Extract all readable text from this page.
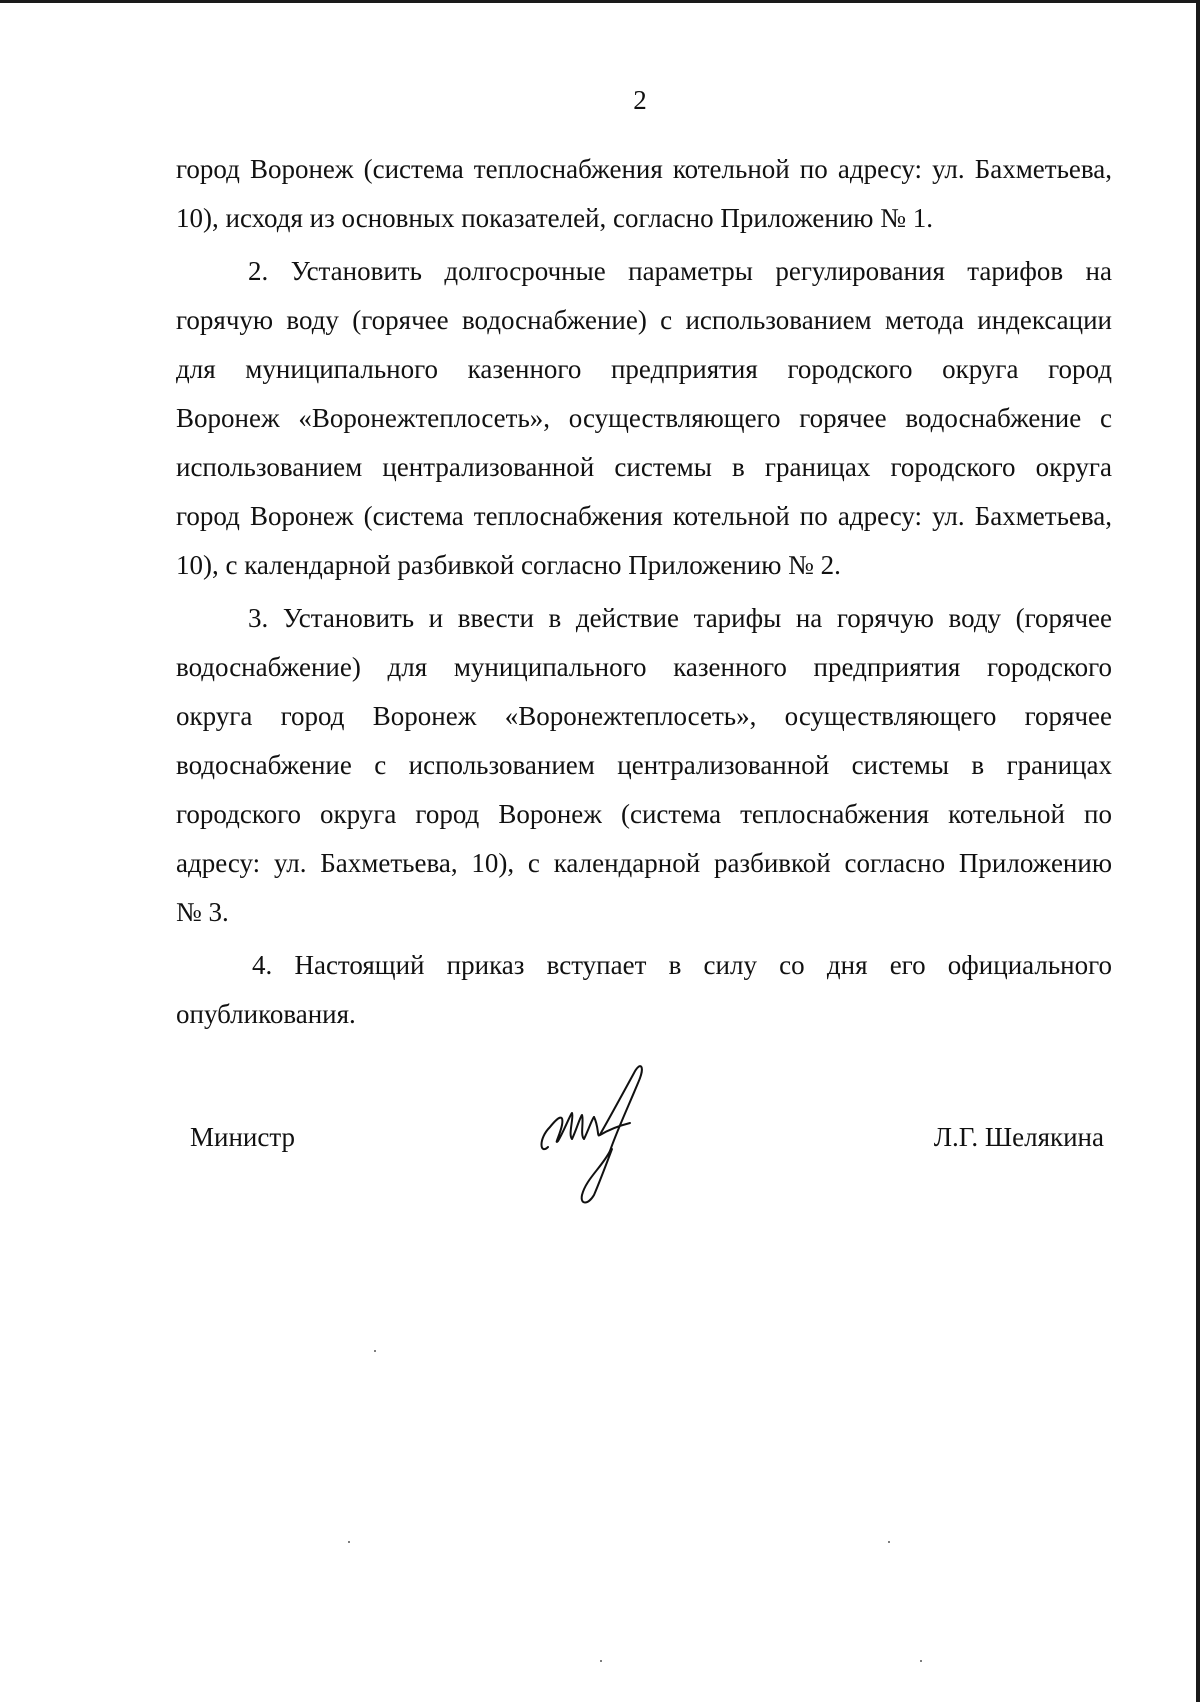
2
город Воронеж (система теплоснабжения котельной по адресу: ул. Бахметьева,
10), исходя из основных показателей, согласно Приложению № 1.
2. Установить долгосрочные параметры регулирования тарифов на
горячую воду (горячее водоснабжение) с использованием метода индексации
для муниципального казенного предприятия городского округа город
Воронеж «Воронежтеплосеть», осуществляющего горячее водоснабжение с
использованием централизованной системы в границах городского округа
город Воронеж (система теплоснабжения котельной по адресу: ул. Бахметьева,
10), с календарной разбивкой согласно Приложению № 2.
3. Установить и ввести в действие тарифы на горячую воду (горячее
водоснабжение) для муниципального казенного предприятия городского
округа город Воронеж «Воронежтеплосеть», осуществляющего горячее
водоснабжение с использованием централизованной системы в границах
городского округа город Воронеж (система теплоснабжения котельной по
адресу: ул. Бахметьева, 10), с календарной разбивкой согласно Приложению
№ 3.
4. Настоящий приказ вступает в силу со дня его официального
опубликования.
Министр	Л.Г. Шелякина
